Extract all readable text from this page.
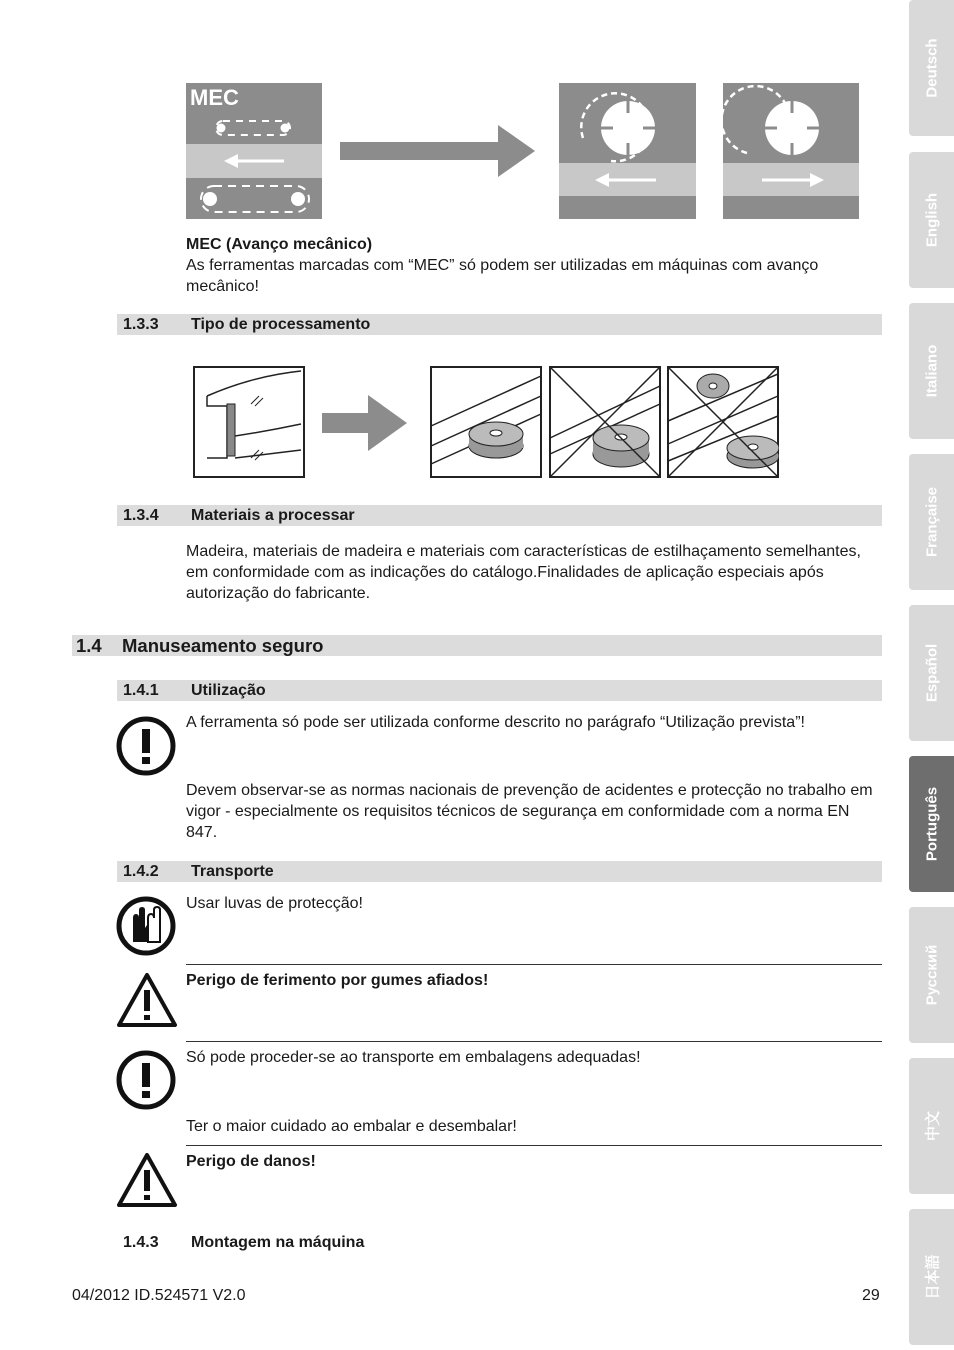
MEC
MEC (Avanço mecânico)
As ferramentas marcadas com “MEC” só podem ser utilizadas em máquinas com avanço mecânico!
1.3.3 Tipo de processamento
1.3.4 Materiais a processar
Madeira, materiais de madeira e materiais com características de estilhaçamento semelhantes, em conformidade com as indicações do catálogo.Finalidades de aplicação especiais após autorização do fabricante.
1.4 Manuseamento seguro
1.4.1 Utilização
A ferramenta só pode ser utilizada conforme descrito no parágrafo “Utilização prevista”!
Devem observar-se as normas nacionais de prevenção de acidentes e protecção no trabalho em vigor - especialmente os requisitos técnicos de segurança em conformidade com a norma EN 847.
1.4.2 Transporte
Usar luvas de protecção!
Perigo de ferimento por gumes afiados!
Só pode proceder-se ao transporte em embalagens adequadas!
Ter o maior cuidado ao embalar e desembalar!
Perigo de danos!
1.4.3 Montagem na máquina
04/2012 ID.524571 V2.0	29
Deutsch
English
Italiano
Française
Español
Português
Русский
中文
日本語
